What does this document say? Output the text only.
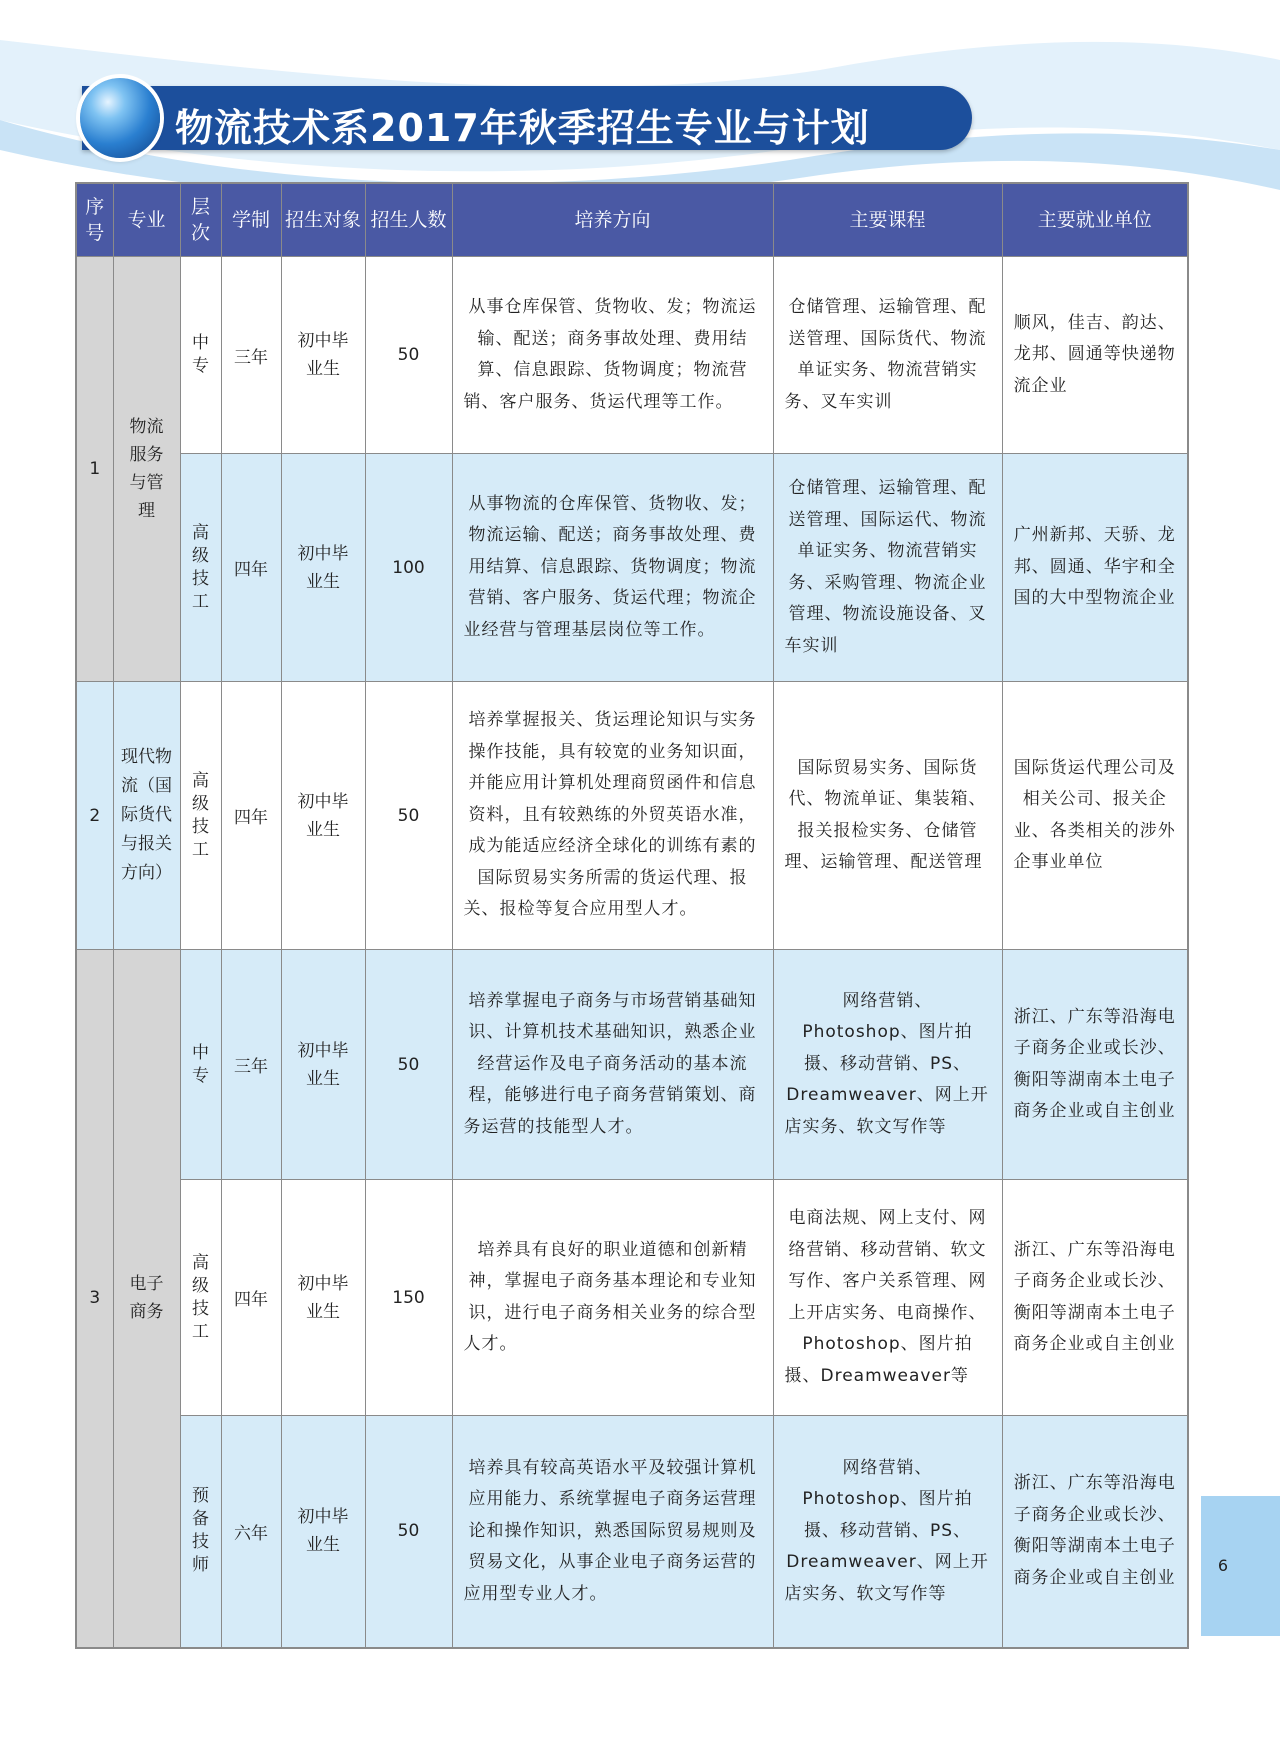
物流技术系2017年秋季招生专业与计划
序号	专业	层次	学制	招生对象	招生人数	培养方向	主要课程	主要就业单位
1	物流服务与管理	中专	三年	初中毕业生	50	从事仓库保管、货物收、发；物流运输、配送；商务事故处理、费用结算、信息跟踪、货物调度；物流营销、客户服务、货运代理等工作。	仓储管理、运输管理、配送管理、国际货代、物流单证实务、物流营销实务、叉车实训	顺风，佳吉、韵达、龙邦、圆通等快递物流企业
		高级技工	四年	初中毕业生	100	从事物流的仓库保管、货物收、发；物流运输、配送；商务事故处理、费用结算、信息跟踪、货物调度；物流营销、客户服务、货运代理；物流企业经营与管理基层岗位等工作。	仓储管理、运输管理、配送管理、国际运代、物流单证实务、物流营销实务、采购管理、物流企业管理、物流设施设备、叉车实训	广州新邦、天骄、龙邦、圆通、华宇和全国的大中型物流企业
2	现代物流（国际货代与报关方向）	高级技工	四年	初中毕业生	50	培养掌握报关、货运理论知识与实务操作技能，具有较宽的业务知识面，并能应用计算机处理商贸函件和信息资料，且有较熟练的外贸英语水准，成为能适应经济全球化的训练有素的国际贸易实务所需的货运代理、报关、报检等复合应用型人才。	国际贸易实务、国际货代、物流单证、集装箱、报关报检实务、仓储管理、运输管理、配送管理	国际货运代理公司及相关公司、报关企业、各类相关的涉外企事业单位
3	电子商务	中专	三年	初中毕业生	50	培养掌握电子商务与市场营销基础知识、计算机技术基础知识，熟悉企业经营运作及电子商务活动的基本流程，能够进行电子商务营销策划、商务运营的技能型人才。	网络营销、Photoshop、图片拍摄、移动营销、PS、Dreamweaver、网上开店实务、软文写作等	浙江、广东等沿海电子商务企业或长沙、衡阳等湖南本土电子商务企业或自主创业
		高级技工	四年	初中毕业生	150	培养具有良好的职业道德和创新精神，掌握电子商务基本理论和专业知识，进行电子商务相关业务的综合型人才。	电商法规、网上支付、网络营销、移动营销、软文写作、客户关系管理、网上开店实务、电商操作、Photoshop、图片拍摄、Dreamweaver等	浙江、广东等沿海电子商务企业或长沙、衡阳等湖南本土电子商务企业或自主创业
		预备技师	六年	初中毕业生	50	培养具有较高英语水平及较强计算机应用能力、系统掌握电子商务运营理论和操作知识，熟悉国际贸易规则及贸易文化，从事企业电子商务运营的应用型专业人才。	网络营销、Photoshop、图片拍摄、移动营销、PS、Dreamweaver、网上开店实务、软文写作等	浙江、广东等沿海电子商务企业或长沙、衡阳等湖南本土电子商务企业或自主创业
6
